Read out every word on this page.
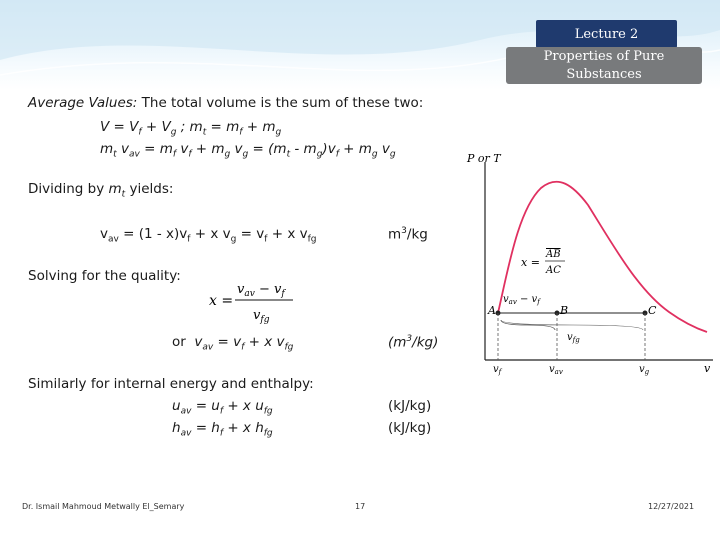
Lecture 2
Properties of Pure
Substances
Average Values: The total volume is the sum of these two:
$V = V_f + V_g$ ; $m_t = m_f + m_g$
$m_t$ $v_{av} = m_f$ $v_f + m_g$ $v_g = (m_t - m_g)v_f + m_g$ $v_g$
Dividing by $m_t$ yields:
$v_{av} = (1 - x)v_f + x$ $v_g = v_f + x$ $v_{fg}$	$m^3/kg$
Solving for the quality:
x =
$v_{av} - v_f$
$v_{fg}$
or  $v_{av} = v_f + x$ $v_{fg}$	$(m^3/kg)$
Similarly for internal energy and enthalpy:
$u_{av} = u_f + x$ $u_{fg}$	(kJ/kg)
$h_{av} = h_f + x$ $h_{fg}$	(kJ/kg)
P or T
v
A	B	C
$v_{av} - v_f$
$v_{fg}$
x =
AB
AC
$v_f$	$v_{av}$	$v_g$
Dr. Ismail Mahmoud Metwally El_Semary	17	12/27/2021
